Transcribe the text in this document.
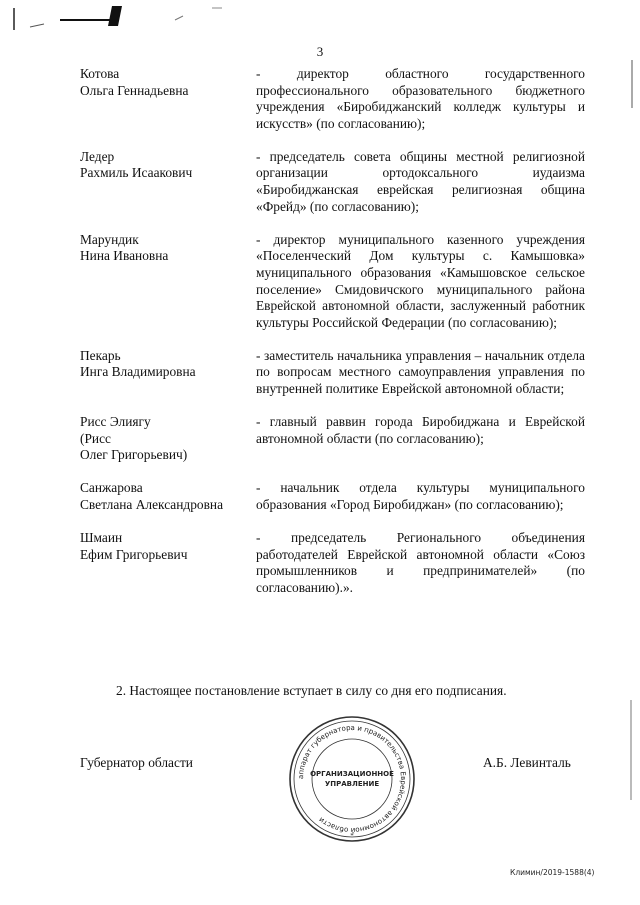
3
Котова
Ольга Геннадьевна
- директор областного государственного профессионального образовательного бюджетного учреждения «Биробиджанский колледж культуры и искусств» (по согласованию);
Ледер
Рахмиль Исаакович
- председатель совета общины местной религиозной организации ортодоксального иудаизма «Биробиджанская еврейская религиозная община «Фрейд» (по согласованию);
Марундик
Нина Ивановна
- директор муниципального казенного учреждения «Поселенческий Дом культуры с. Камышовка» муниципального образования «Камышовское сельское поселение» Смидовичского муниципального района Еврейской автономной области, заслуженный работник культуры Российской Федерации (по согласованию);
Пекарь
Инга Владимировна
- заместитель начальника управления – начальник отдела по вопросам местного самоуправления управления по внутренней политике Еврейской автономной области;
Рисс Элиягу
(Рисс
Олег Григорьевич)
- главный раввин города Биробиджана и Еврейской автономной области (по согласованию);
Санжарова
Светлана Александровна
- начальник отдела культуры муниципального образования «Город Биробиджан» (по согласованию);
Шмаин
Ефим Григорьевич
- председатель Регионального объединения работодателей Еврейской автономной области «Союз промышленников и предпринимателей» (по согласованию).».
2. Настоящее постановление вступает в силу со дня его подписания.
Губернатор области	А.Б. Левинталь
аппарат губернатора и правительства Еврейской автономной области
ОРГАНИЗАЦИОННОЕ
УПРАВЛЕНИЕ
*
Климин/2019-1588(4)
